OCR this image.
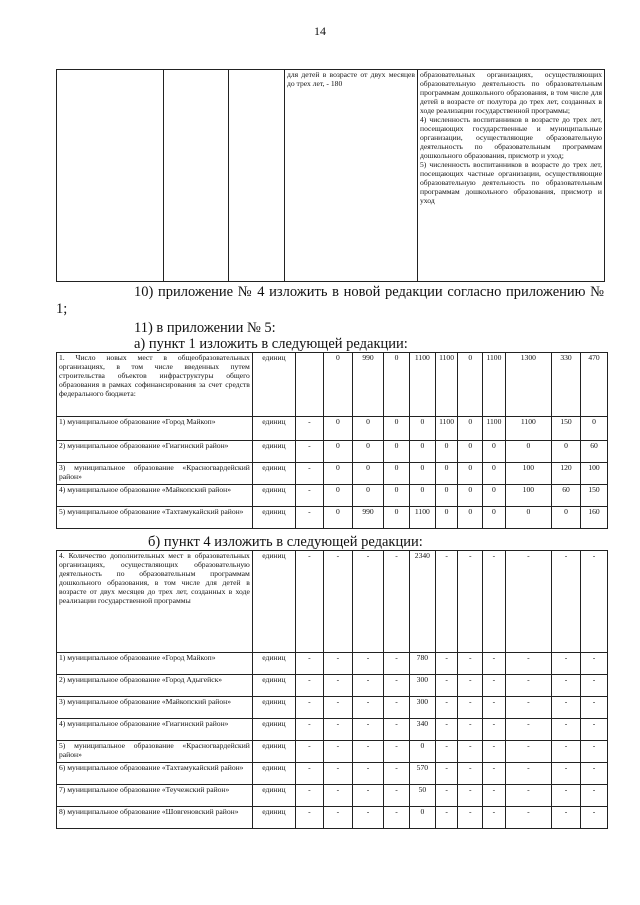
14
			для детей в возрасте от двух месяцев до трех лет, - 180	образовательных организациях, осуществляющих образовательную деятельность по образовательным программам дошкольного образования, в том числе для детей в возрасте от полутора до трех лет, созданных в ходе реализации государственной программы;
4) численность воспитанников в возрасте до трех лет, посещающих государственные и муниципальные организации, осуществляющие образовательную деятельность по образовательным программам дошкольного образования, присмотр и уход;
5) численность воспитанников в возрасте до трех лет, посещающих частные организации, осуществляющие образовательную деятельность по образовательным программам дошкольного образования, присмотр и уход
10) приложение № 4 изложить в новой редакции согласно приложению № 1;
11) в приложении № 5:
а) пункт 1 изложить в следующей редакции:
1. Число новых мест в общеобразовательных организациях, в том числе введенных путем строительства объектов инфраструктуры общего образования в рамках софинансирования за счет средств федерального бюджета:	единиц		0	990	0	1100	1100	0	1100	1300	330	470
1) муниципальное образование «Город Майкоп»	единиц	-	0	0	0	0	1100	0	1100	1100	150	0
2) муниципальное образование «Гиагинский район»	единиц	-	0	0	0	0	0	0	0	0	0	60
3) муниципальное образование «Красногвардейский район»	единиц	-	0	0	0	0	0	0	0	100	120	100
4) муниципальное образование «Майкопский район»	единиц	-	0	0	0	0	0	0	0	100	60	150
5) муниципальное образование «Тахтамукайский район»	единиц	-	0	990	0	1100	0	0	0	0	0	160
б) пункт 4 изложить в следующей редакции:
4. Количество дополнительных мест в образовательных организациях, осуществляющих образовательную деятельность по образовательным программам дошкольного образования, в том числе для детей в возрасте от двух месяцев до трех лет, созданных в ходе реализации государственной программы	единиц	-	-	-	-	2340	-	-	-	-	-	-
1) муниципальное образование «Город Майкоп»	единиц	-	-	-	-	780	-	-	-	-	-	-
2) муниципальное образование «Город Адыгейск»	единиц	-	-	-	-	300	-	-	-	-	-	-
3) муниципальное образование «Майкопский район»	единиц	-	-	-	-	300	-	-	-	-	-	-
4) муниципальное образование «Гиагинский район»	единиц	-	-	-	-	340	-	-	-	-	-	-
5) муниципальное образование «Красногвардейский район»	единиц	-	-	-	-	0	-	-	-	-	-	-
6) муниципальное образование «Тахтамукайский район»	единиц	-	-	-	-	570	-	-	-	-	-	-
7) муниципальное образование «Теучежский район»	единиц	-	-	-	-	50	-	-	-	-	-	-
8) муниципальное образование «Шовгеновский район»	единиц	-	-	-	-	0	-	-	-	-	-	-
